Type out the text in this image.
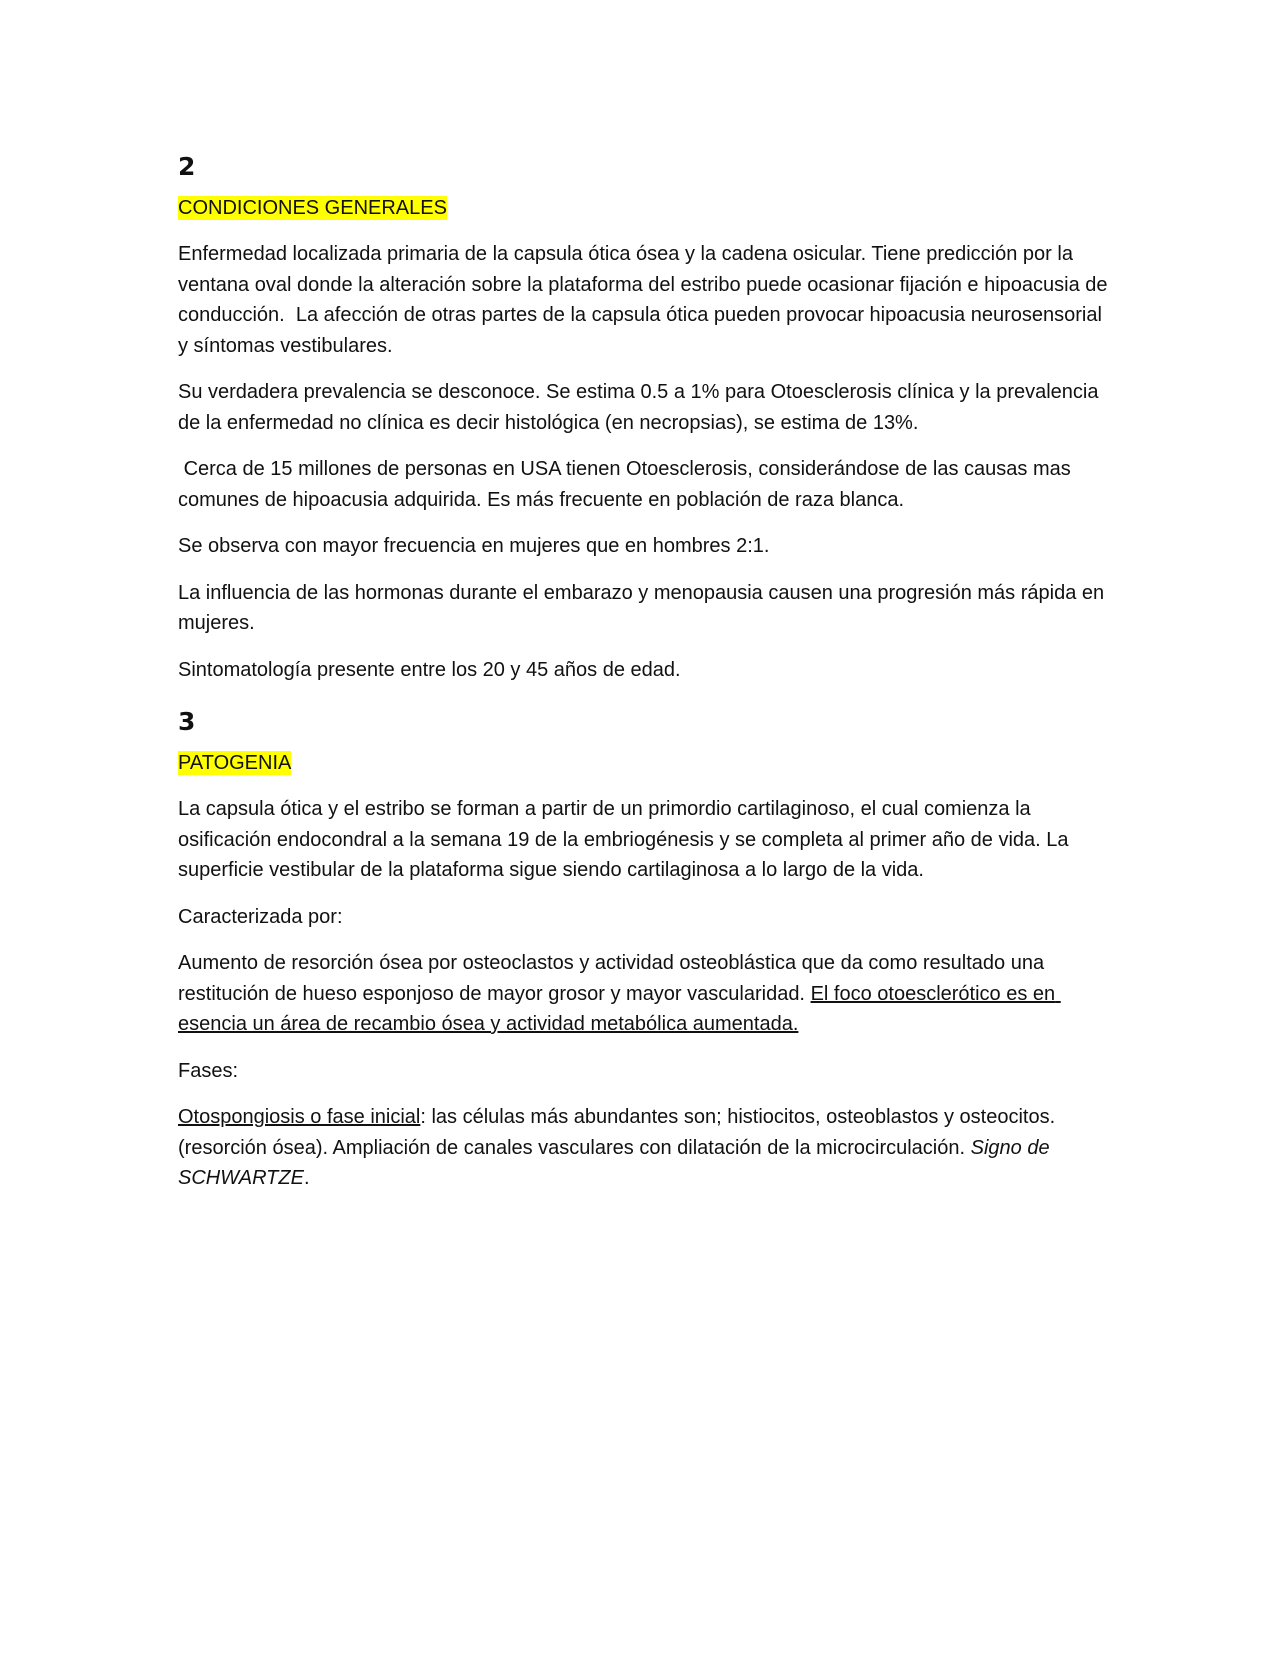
2
CONDICIONES GENERALES

Enfermedad localizada primaria de la capsula ótica ósea y la cadena osicular. Tiene predicción por la ventana oval donde la alteración sobre la plataforma del estribo puede ocasionar fijación e hipoacusia de conducción.  La afección de otras partes de la capsula ótica pueden provocar hipoacusia neurosensorial y síntomas vestibulares.

Su verdadera prevalencia se desconoce. Se estima 0.5 a 1% para Otoesclerosis clínica y la prevalencia de la enfermedad no clínica es decir histológica (en necropsias), se estima de 13%.

Cerca de 15 millones de personas en USA tienen Otoesclerosis, considerándose de las causas mas comunes de hipoacusia adquirida. Es más frecuente en población de raza blanca.

Se observa con mayor frecuencia en mujeres que en hombres 2:1.

La influencia de las hormonas durante el embarazo y menopausia causen una progresión más rápida en mujeres.

Sintomatología presente entre los 20 y 45 años de edad.

3
PATOGENIA

La capsula ótica y el estribo se forman a partir de un primordio cartilaginoso, el cual comienza la osificación endocondral a la semana 19 de la embriogénesis y se completa al primer año de vida. La superficie vestibular de la plataforma sigue siendo cartilaginosa a lo largo de la vida.

Caracterizada por:

Aumento de resorción ósea por osteoclastos y actividad osteoblástica que da como resultado una restitución de hueso esponjoso de mayor grosor y mayor vascularidad. El foco otoesclerótico es en esencia un área de recambio ósea y actividad metabólica aumentada.

Fases:

Otospongiosis o fase inicial: las células más abundantes son; histiocitos, osteoblastos y osteocitos. (resorción ósea). Ampliación de canales vasculares con dilatación de la microcirculación. Signo de SCHWARTZE.
